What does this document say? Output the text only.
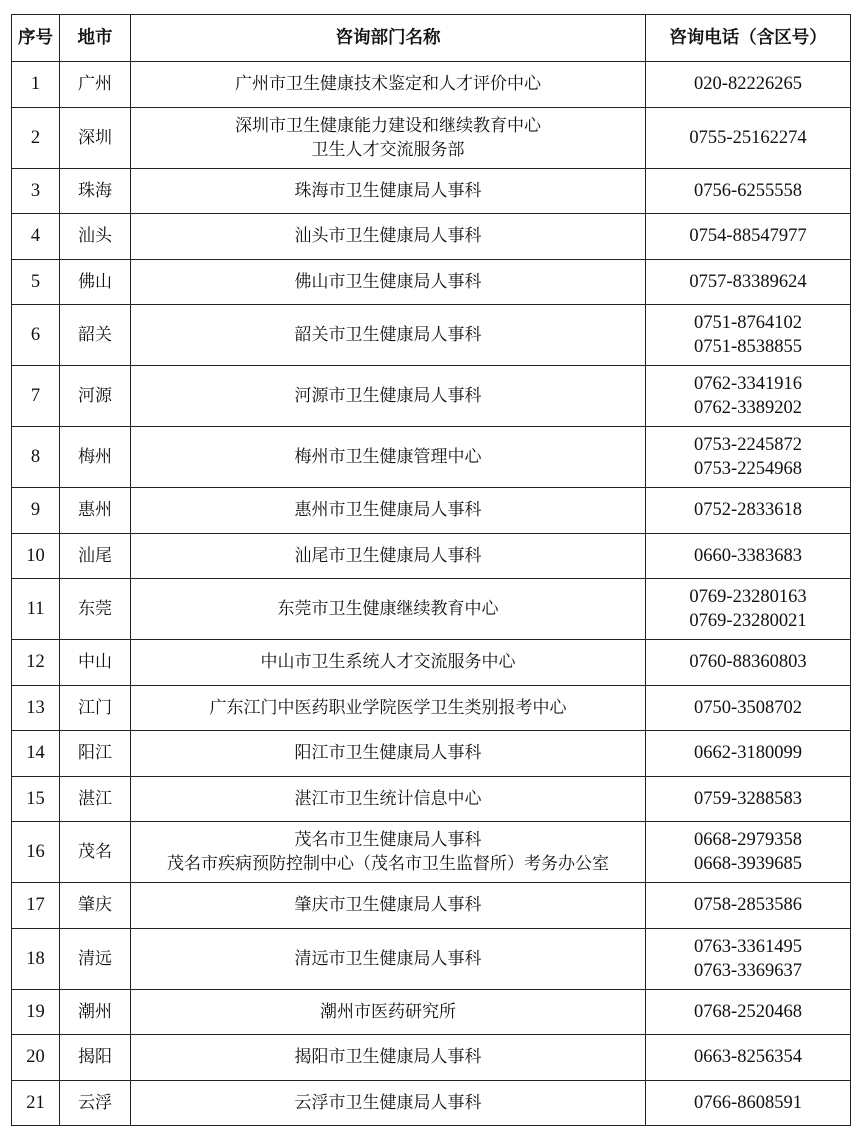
序号	地市	咨询部门名称	咨询电话（含区号）
1	广州	广州市卫生健康技术鉴定和人才评价中心	020-82226265

2	深圳	深圳市卫生健康能力建设和继续教育中心
卫生人才交流服务部	0755-25162274

3	珠海	珠海市卫生健康局人事科	0756-6255558

4	汕头	汕头市卫生健康局人事科	0754-88547977

5	佛山	佛山市卫生健康局人事科	0757-83389624

6	韶关	韶关市卫生健康局人事科	0751-8764102
0751-8538855

7	河源	河源市卫生健康局人事科	0762-3341916
0762-3389202

8	梅州	梅州市卫生健康管理中心	0753-2245872
0753-2254968

9	惠州	惠州市卫生健康局人事科	0752-2833618

10	汕尾	汕尾市卫生健康局人事科	0660-3383683

11	东莞	东莞市卫生健康继续教育中心	0769-23280163
0769-23280021

12	中山	中山市卫生系统人才交流服务中心	0760-88360803

13	江门	广东江门中医药职业学院医学卫生类别报考中心	0750-3508702

14	阳江	阳江市卫生健康局人事科	0662-3180099

15	湛江	湛江市卫生统计信息中心	0759-3288583

16	茂名	茂名市卫生健康局人事科
茂名市疾病预防控制中心（茂名市卫生监督所）考务办公室	0668-2979358
0668-3939685

17	肇庆	肇庆市卫生健康局人事科	0758-2853586

18	清远	清远市卫生健康局人事科	0763-3361495
0763-3369637

19	潮州	潮州市医药研究所	0768-2520468

20	揭阳	揭阳市卫生健康局人事科	0663-8256354

21	云浮	云浮市卫生健康局人事科	0766-8608591
